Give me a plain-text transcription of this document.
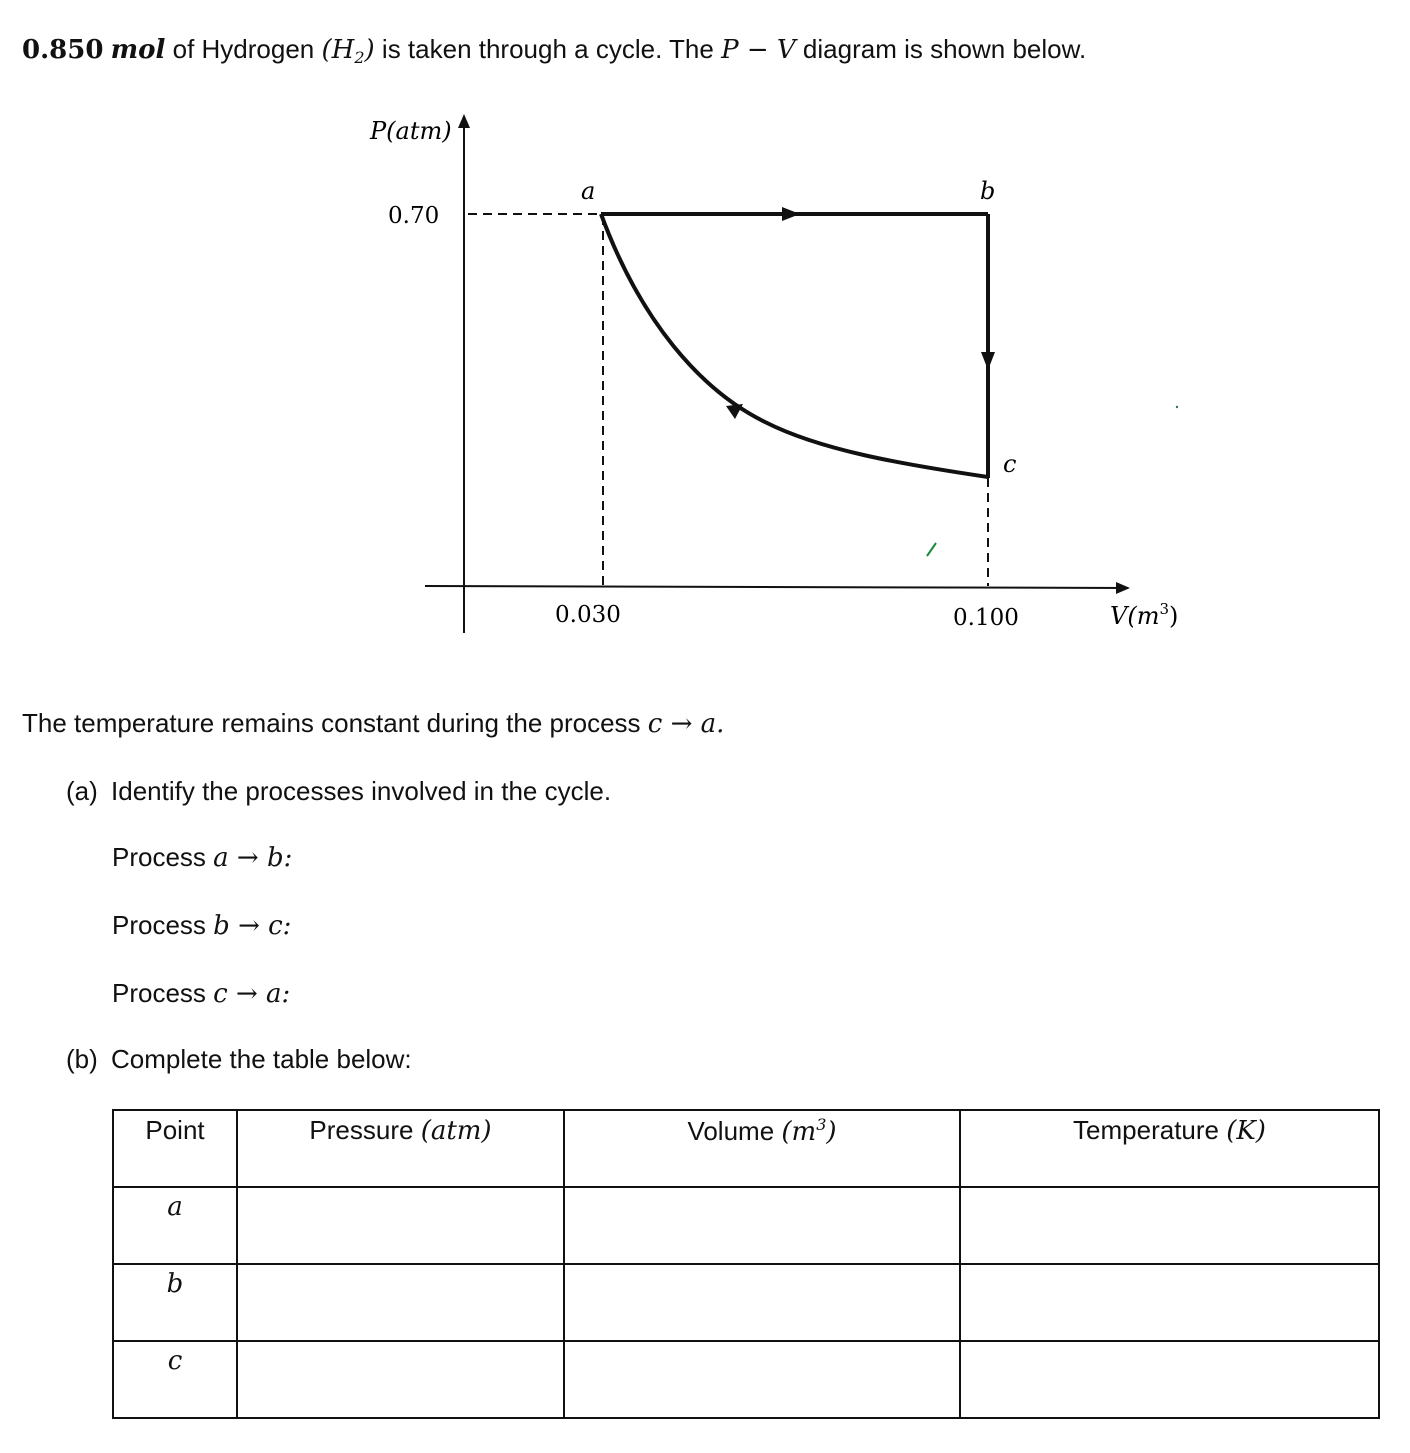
0.850 mol of Hydrogen $(H_2)$ is taken through a cycle. The P − V diagram is shown below.
P(atm)
0.70
0.030	0.100	$V(m^3)$
a	b
c
The temperature remains constant during the process c → a.
(a) Identify the processes involved in the cycle.
Process a → b:
Process b → c:
Process c → a:
(b) Complete the table below:
Point	Pressure (atm)	Volume $(m^3)$	Temperature (K)
a			
b			
c			
